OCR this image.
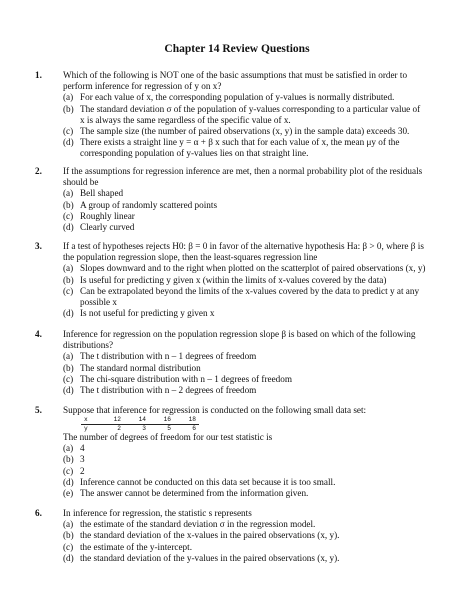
Chapter 14 Review Questions
1. Which of the following is NOT one of the basic assumptions that must be satisfied in order to
perform inference for regression of y on x?
(a) For each value of x, the corresponding population of y-values is normally distributed.
(b) The standard deviation σ of the population of y-values corresponding to a particular value of
x is always the same regardless of the specific value of x.
(c) The sample size (the number of paired observations (x, y) in the sample data) exceeds 30.
(d) There exists a straight line y = α + β x such that for each value of x, the mean μy of the
corresponding population of y-values lies on that straight line.
2. If the assumptions for regression inference are met, then a normal probability plot of the residuals
should be
(a) Bell shaped
(b) A group of randomly scattered points
(c) Roughly linear
(d) Clearly curved
3. If a test of hypotheses rejects H0: β = 0 in favor of the alternative hypothesis Ha: β > 0, where β is
the population regression slope, then the least-squares regression line
(a) Slopes downward and to the right when plotted on the scatterplot of paired observations (x, y)
(b) Is useful for predicting y given x (within the limits of x-values covered by the data)
(c) Can be extrapolated beyond the limits of the x-values covered by the data to predict y at any
possible x
(d) Is not useful for predicting y given x
4. Inference for regression on the population regression slope β is based on which of the following
distributions?
(a) The t distribution with n – 1 degrees of freedom
(b) The standard normal distribution
(c) The chi-square distribution with n – 1 degrees of freedom
(d) The t distribution with n – 2 degrees of freedom
5. Suppose that inference for regression is conducted on the following small data set:
x	12	14	16	18
y	2	3	5	6
The number of degrees of freedom for our test statistic is
(a) 4
(b) 3
(c) 2
(d) Inference cannot be conducted on this data set because it is too small.
(e) The answer cannot be determined from the information given.
6. In inference for regression, the statistic s represents
(a) the estimate of the standard deviation σ in the regression model.
(b) the standard deviation of the x-values in the paired observations (x, y).
(c) the estimate of the y-intercept.
(d) the standard deviation of the y-values in the paired observations (x, y).
